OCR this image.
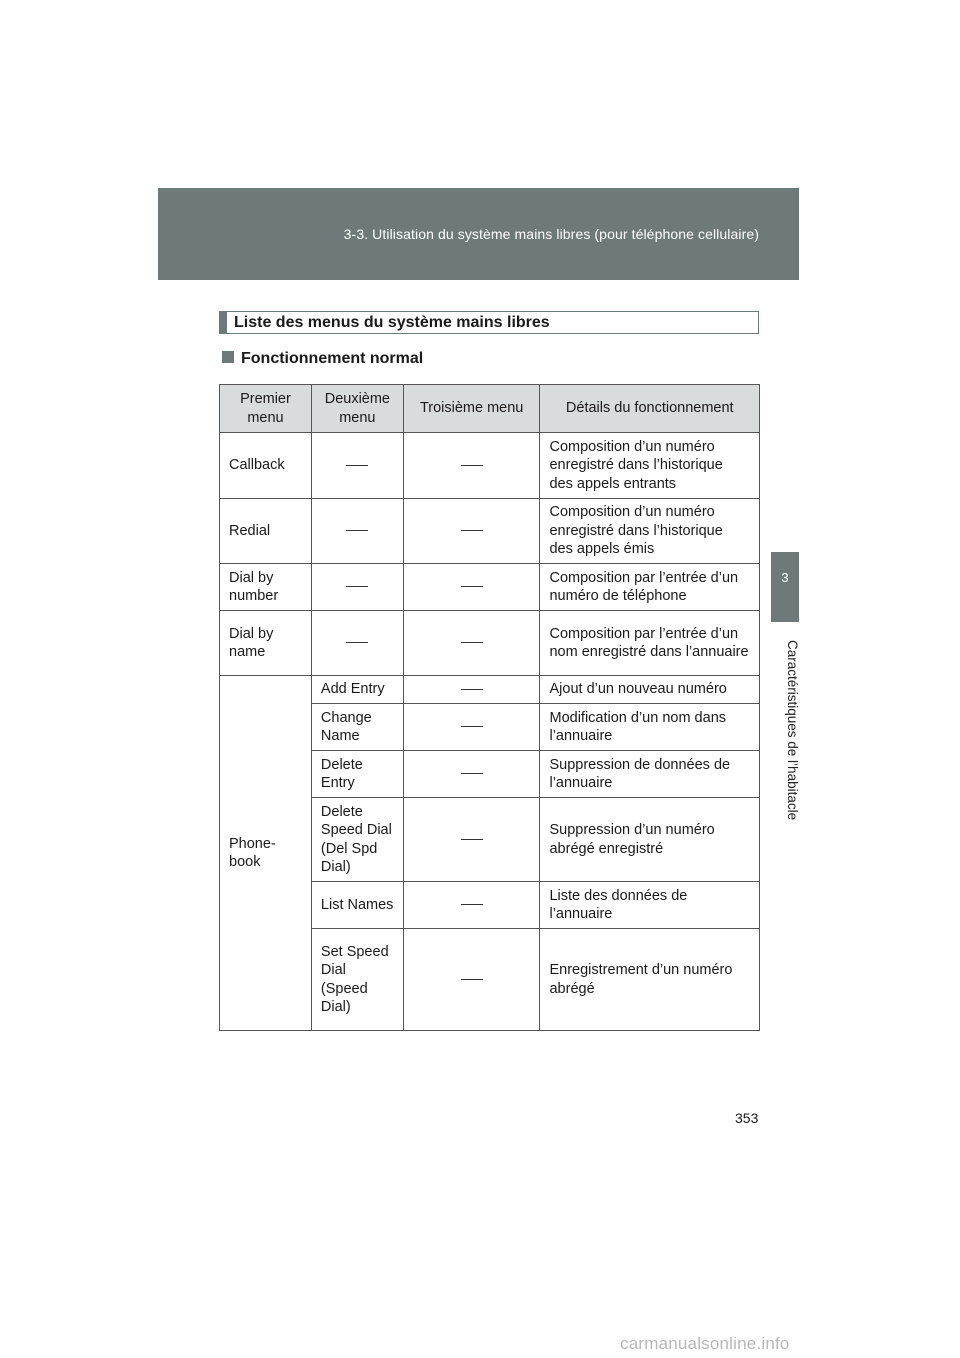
3-3. Utilisation du système mains libres (pour téléphone cellulaire)
3
Caractéristiques de l’habitacle
Liste des menus du système mains libres
Fonctionnement normal
Premier menu	Deuxième menu	Troisième menu	Détails du fonctionnement
Callback			Composition d’un numéro enregistré dans l’historique des appels entrants
Redial			Composition d’un numéro enregistré dans l’historique des appels émis
Dial by number			Composition par l’entrée d’un numéro de téléphone
Dial by name			Composition par l’entrée d’un nom enregistré dans l’annuaire
Phone-book	Add Entry		Ajout d’un nouveau numéro
	Change Name		Modification d’un nom dans l’annuaire
	Delete Entry		Suppression de données de l’annuaire
	Delete Speed Dial (Del Spd Dial)		Suppression d’un numéro abrégé enregistré
	List Names		Liste des données de l’annuaire
	Set Speed Dial (Speed Dial)		Enregistrement d’un numéro abrégé
353
carmanualsonline.info
